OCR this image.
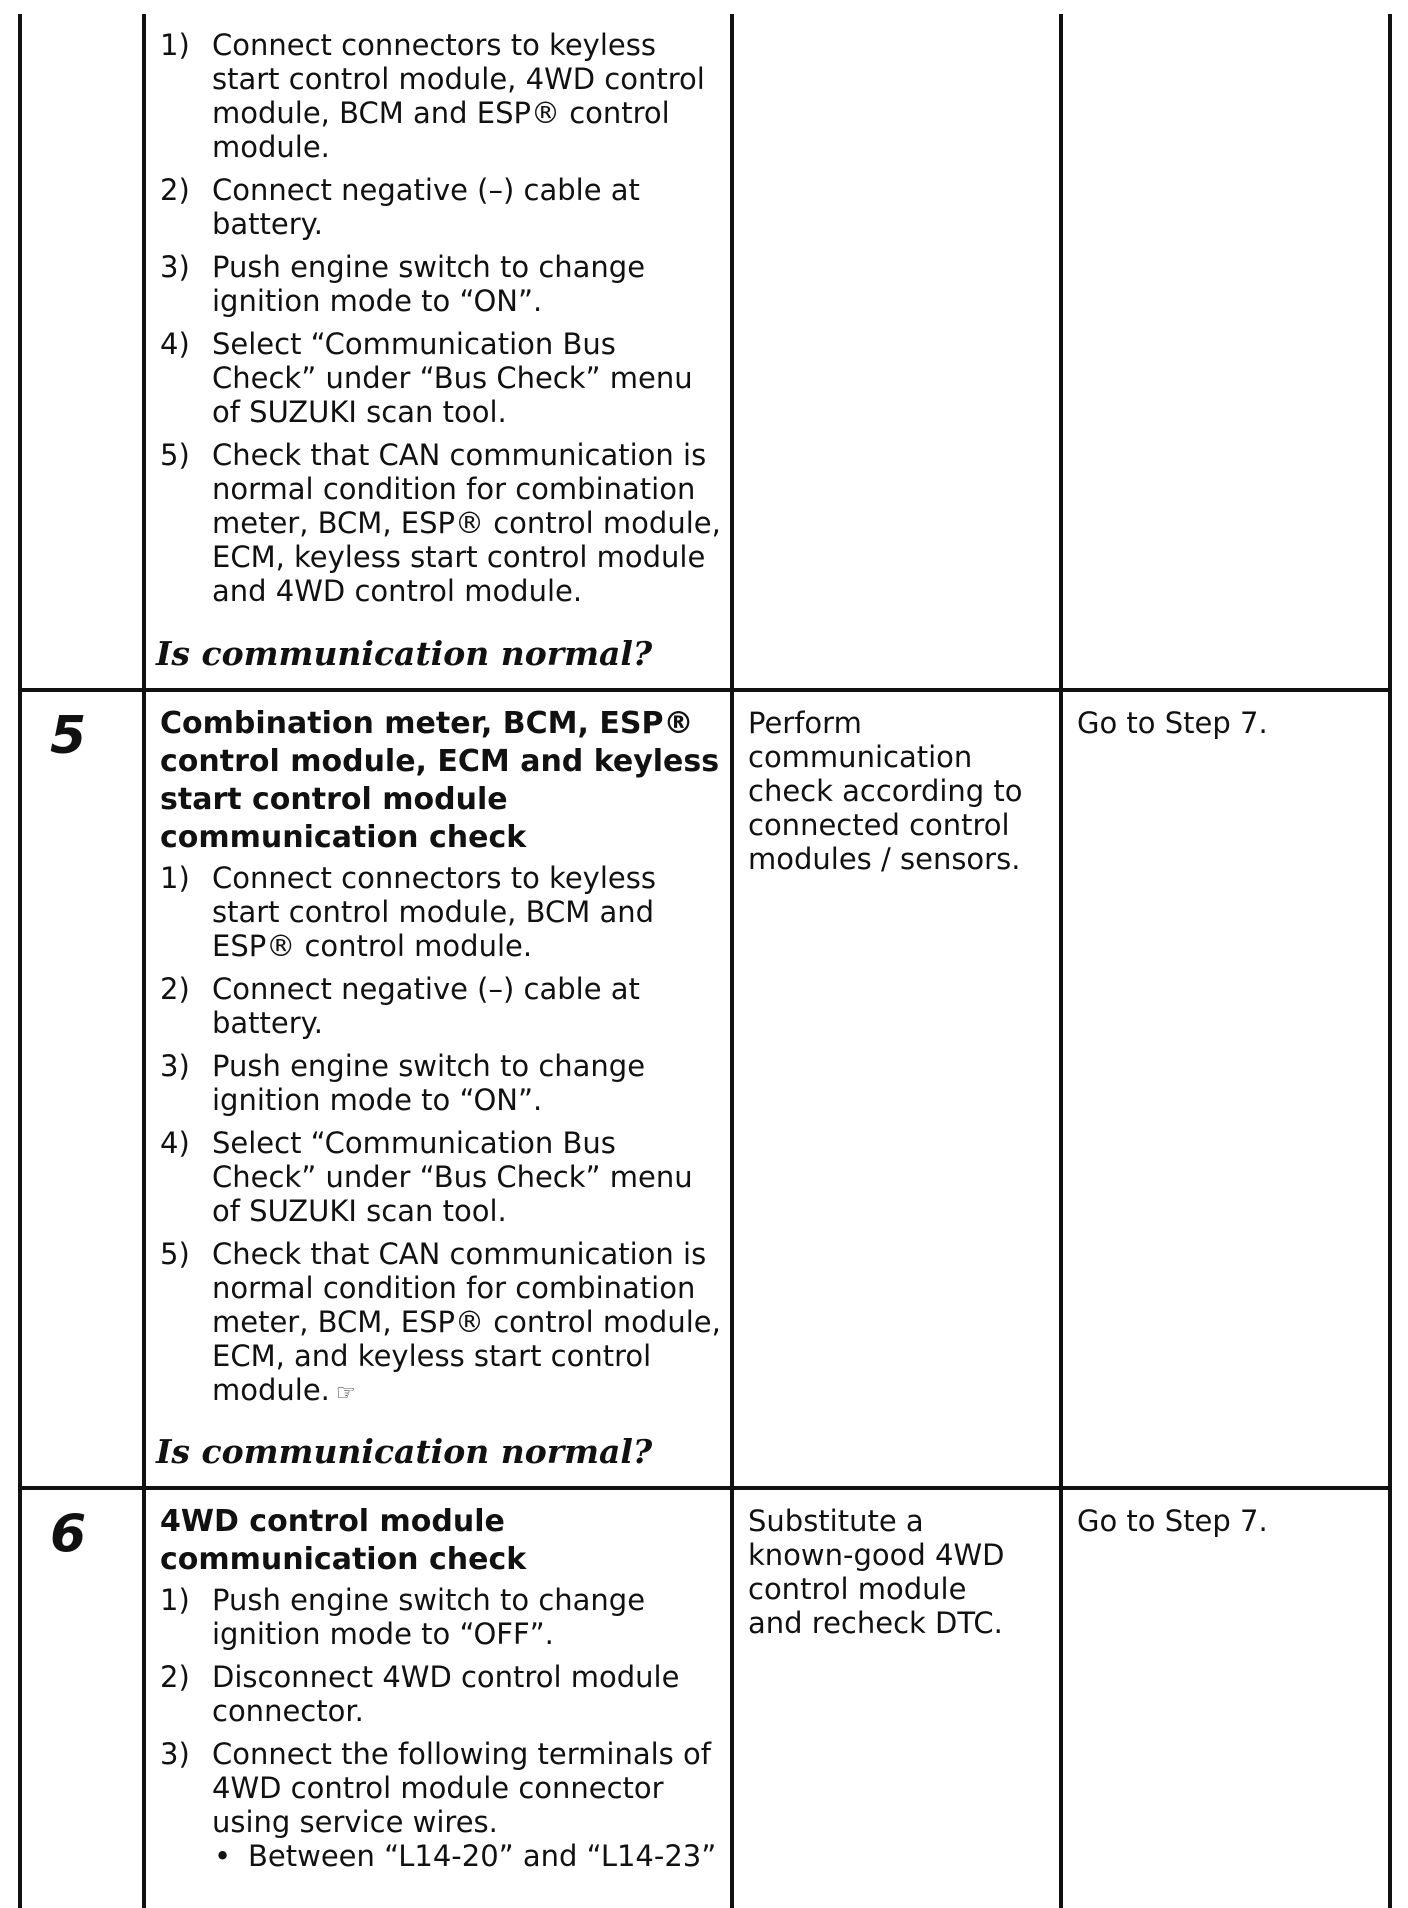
1) Connect connectors to keyless start control module, 4WD control module, BCM and ESP® control module.
2) Connect negative (–) cable at battery.
3) Push engine switch to change ignition mode to “ON”.
4) Select “Communication Bus Check” under “Bus Check” menu of SUZUKI scan tool.
5) Check that CAN communication is normal condition for combination meter, BCM, ESP® control module, ECM, keyless start control module and 4WD control module.
Is communication normal?
5 Combination meter, BCM, ESP® control module, ECM and keyless start control module communication check

1) Connect connectors to keyless start control module, BCM and ESP® control module.
2) Connect negative (–) cable at battery.
3) Push engine switch to change ignition mode to “ON”.
4) Select “Communication Bus Check” under “Bus Check” menu of SUZUKI scan tool.
5) Check that CAN communication is normal condition for combination meter, BCM, ESP® control module, ECM, and keyless start control module. ☞
Is communication normal?
Perform communication check according to connected control modules / sensors.
Go to Step 7.
6 4WD control module communication check

1) Push engine switch to change ignition mode to “OFF”.
2) Disconnect 4WD control module connector.
3) Connect the following terminals of 4WD control module connector using service wires.
• Between “L14-20” and “L14-23”
Substitute a known-good 4WD control module and recheck DTC.
Go to Step 7.
